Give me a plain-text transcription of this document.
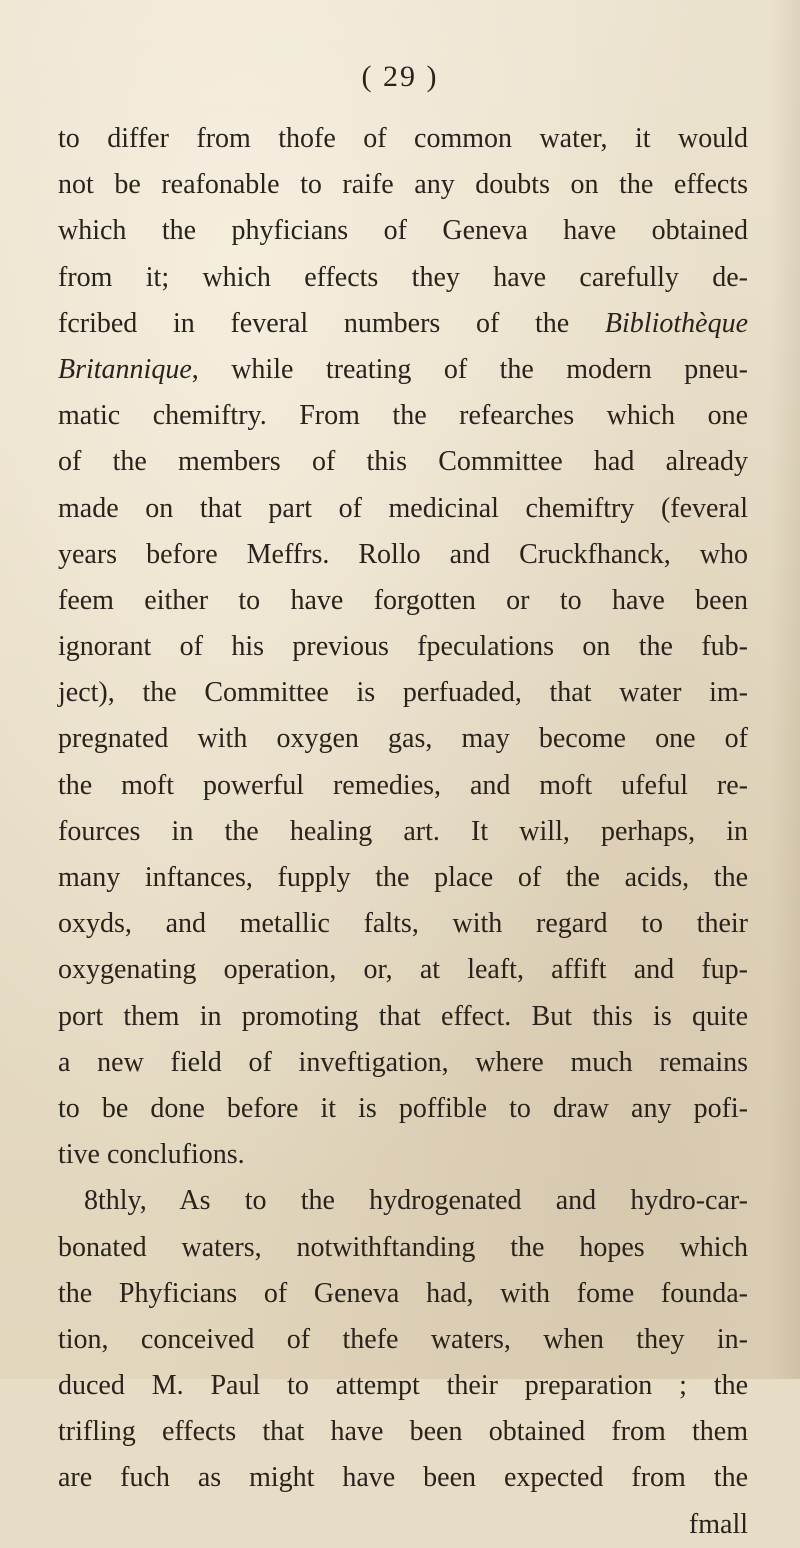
( 29 )
to differ from thofe of common water, it would
not be reafonable to raife any doubts on the effects
which the phyficians of Geneva have obtained
from it; which effects they have carefully de-
fcribed in feveral numbers of the Bibliothèque
Britannique, while treating of the modern pneu-
matic chemiftry. From the refearches which one
of the members of this Committee had already
made on that part of medicinal chemiftry (feveral
years before Meffrs. Rollo and Cruckfhanck, who
feem either to have forgotten or to have been
ignorant of his previous fpeculations on the fub-
ject), the Committee is perfuaded, that water im-
pregnated with oxygen gas, may become one of
the moft powerful remedies, and moft ufeful re-
fources in the healing art. It will, perhaps, in
many inftances, fupply the place of the acids, the
oxyds, and metallic falts, with regard to their
oxygenating operation, or, at leaft, affift and fup-
port them in promoting that effect. But this is quite
a new field of inveftigation, where much remains
to be done before it is poffible to draw any pofi-
tive conclufions.
8thly, As to the hydrogenated and hydro-car-
bonated waters, notwithftanding the hopes which
the Phyficians of Geneva had, with fome founda-
tion, conceived of thefe waters, when they in-
duced M. Paul to attempt their preparation ; the
trifling effects that have been obtained from them
are fuch as might have been expected from the
fmall
